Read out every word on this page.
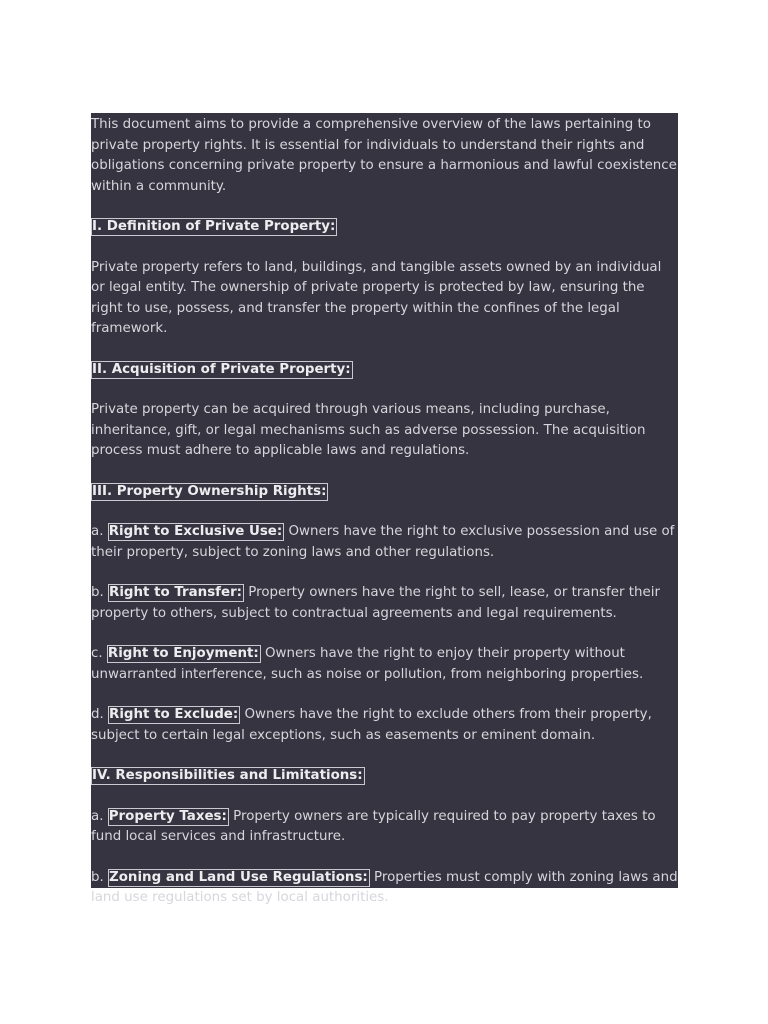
This document aims to provide a comprehensive overview of the laws pertaining to private property rights. It is essential for individuals to understand their rights and obligations concerning private property to ensure a harmonious and lawful coexistence within a community.

I. Definition of Private Property:

Private property refers to land, buildings, and tangible assets owned by an individual or legal entity. The ownership of private property is protected by law, ensuring the right to use, possess, and transfer the property within the confines of the legal framework.

II. Acquisition of Private Property:

Private property can be acquired through various means, including purchase, inheritance, gift, or legal mechanisms such as adverse possession. The acquisition process must adhere to applicable laws and regulations.

III. Property Ownership Rights:

a. Right to Exclusive Use: Owners have the right to exclusive possession and use of their property, subject to zoning laws and other regulations.

b. Right to Transfer: Property owners have the right to sell, lease, or transfer their property to others, subject to contractual agreements and legal requirements.

c. Right to Enjoyment: Owners have the right to enjoy their property without unwarranted interference, such as noise or pollution, from neighboring properties.

d. Right to Exclude: Owners have the right to exclude others from their property, subject to certain legal exceptions, such as easements or eminent domain.

IV. Responsibilities and Limitations:

a. Property Taxes: Property owners are typically required to pay property taxes to fund local services and infrastructure.

b. Zoning and Land Use Regulations: Properties must comply with zoning laws and land use regulations set by local authorities.
